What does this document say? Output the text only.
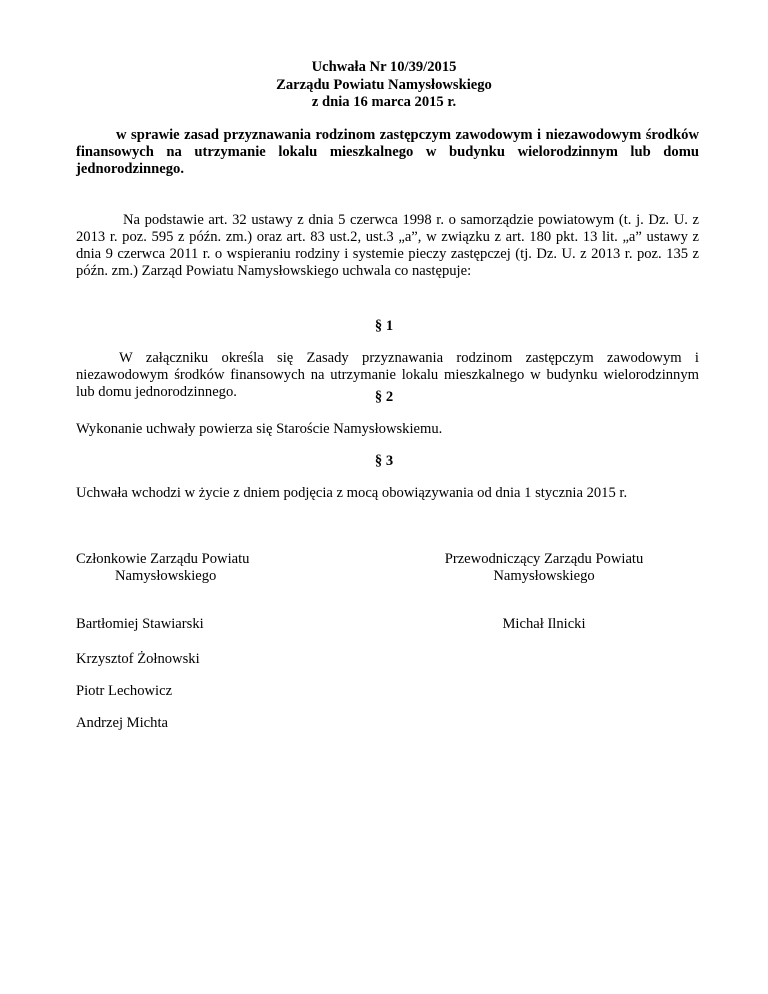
Uchwała Nr 10/39/2015
Zarządu Powiatu Namysłowskiego
z dnia 16 marca 2015 r.
w sprawie zasad przyznawania rodzinom zastępczym zawodowym i niezawodowym środków finansowych na utrzymanie lokalu mieszkalnego w budynku wielorodzinnym lub domu jednorodzinnego.
Na podstawie art. 32 ustawy z dnia 5 czerwca 1998 r. o samorządzie powiatowym (t. j. Dz. U. z 2013 r. poz. 595 z późn. zm.) oraz art. 83 ust.2, ust.3 „a”, w związku z art. 180 pkt. 13 lit. „a” ustawy z dnia 9 czerwca 2011 r. o wspieraniu rodziny i systemie pieczy zastępczej (tj. Dz. U. z 2013 r. poz. 135 z późn. zm.) Zarząd Powiatu Namysłowskiego uchwala co następuje:
§ 1
W załączniku określa się Zasady przyznawania rodzinom zastępczym zawodowym i niezawodowym środków finansowych na utrzymanie lokalu mieszkalnego w budynku wielorodzinnym lub domu jednorodzinnego.	§ 2
Wykonanie uchwały powierza się Staroście Namysłowskiemu.
§ 3
Uchwała wchodzi w życie z dniem podjęcia z mocą obowiązywania od dnia 1 stycznia 2015 r.
Członkowie Zarządu Powiatu
Namysłowskiego
Przewodniczący Zarządu Powiatu
Namysłowskiego
Bartłomiej Stawiarski
Krzysztof Żołnowski
Piotr Lechowicz
Andrzej Michta
Michał Ilnicki
